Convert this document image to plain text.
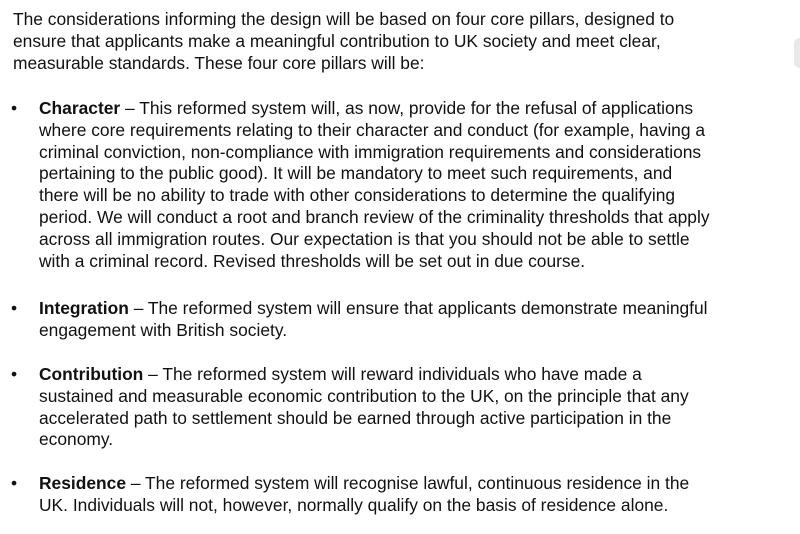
The considerations informing the design will be based on four core pillars, designed to
ensure that applicants make a meaningful contribution to UK society and meet clear,
measurable standards. These four core pillars will be:

• Character – This reformed system will, as now, provide for the refusal of applications
where core requirements relating to their character and conduct (for example, having a
criminal conviction, non-compliance with immigration requirements and considerations
pertaining to the public good). It will be mandatory to meet such requirements, and
there will be no ability to trade with other considerations to determine the qualifying
period. We will conduct a root and branch review of the criminality thresholds that apply
across all immigration routes. Our expectation is that you should not be able to settle
with a criminal record. Revised thresholds will be set out in due course.
• Integration – The reformed system will ensure that applicants demonstrate meaningful
engagement with British society.
• Contribution – The reformed system will reward individuals who have made a
sustained and measurable economic contribution to the UK, on the principle that any
accelerated path to settlement should be earned through active participation in the
economy.
• Residence – The reformed system will recognise lawful, continuous residence in the
UK. Individuals will not, however, normally qualify on the basis of residence alone.
